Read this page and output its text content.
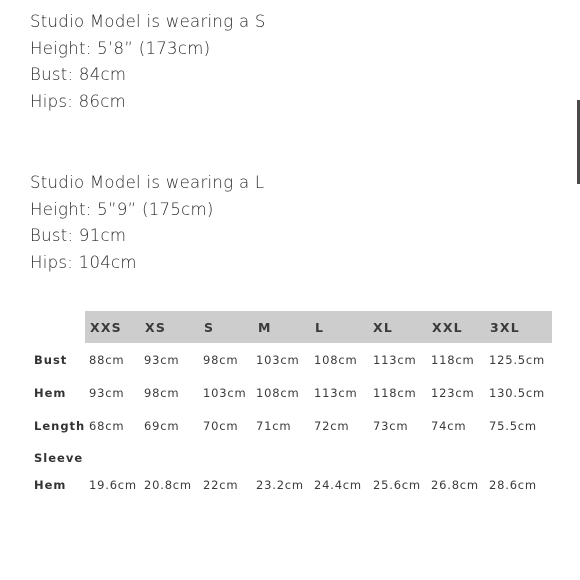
Studio Model is wearing a S
Height: 5’8” (173cm)
Bust: 84cm
Hips: 86cm
Studio Model is wearing a L
Height: 5”9” (175cm)
Bust: 91cm
Hips: 104cm
XXS XS	S	M	L	XL	XXL 3XL
Bust 88cm 93cm 98cm 103cm 108cm 113cm 118cm 125.5cm
Hem 93cm 98cm 103cm 108cm 113cm 118cm 123cm 130.5cm
Length 68cm 69cm 70cm 71cm 72cm 73cm 74cm 75.5cm
Sleeve
Hem 19.6cm 20.8cm 22cm 23.2cm 24.4cm 25.6cm 26.8cm 28.6cm
